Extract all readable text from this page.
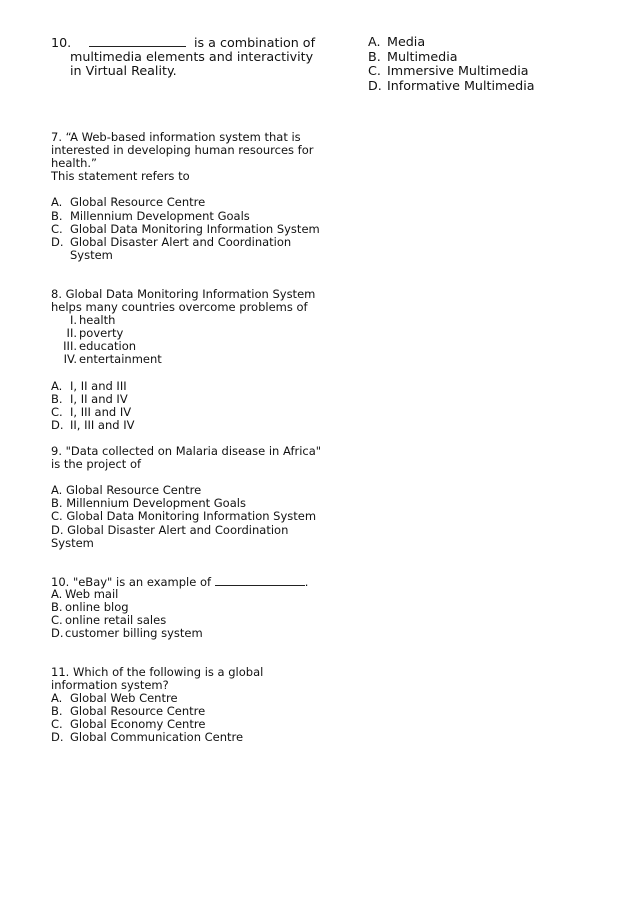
10.	is a combination of
multimedia elements and interactivity
in Virtual Reality.
A. Media
B. Multimedia
C. Immersive Multimedia
D. Informative Multimedia
7. “A Web-based information system that is
interested in developing human resources for
health.”
This statement refers to
A. Global Resource Centre
B. Millennium Development Goals
C. Global Data Monitoring Information System
D. Global Disaster Alert and Coordination
System
8. Global Data Monitoring Information System
helps many countries overcome problems of
I. health
II. poverty
III. education
IV. entertainment
A. I, II and III
B. I, II and IV
C. I, III and IV
D. II, III and IV
9. "Data collected on Malaria disease in Africa"
is the project of
A. Global Resource Centre
B. Millennium Development Goals
C. Global Data Monitoring Information System
D. Global Disaster Alert and Coordination
System
10. "eBay" is an example of	.
A. Web mail
B. online blog
C. online retail sales
D. customer billing system
11. Which of the following is a global
information system?
A. Global Web Centre
B. Global Resource Centre
C. Global Economy Centre
D. Global Communication Centre
